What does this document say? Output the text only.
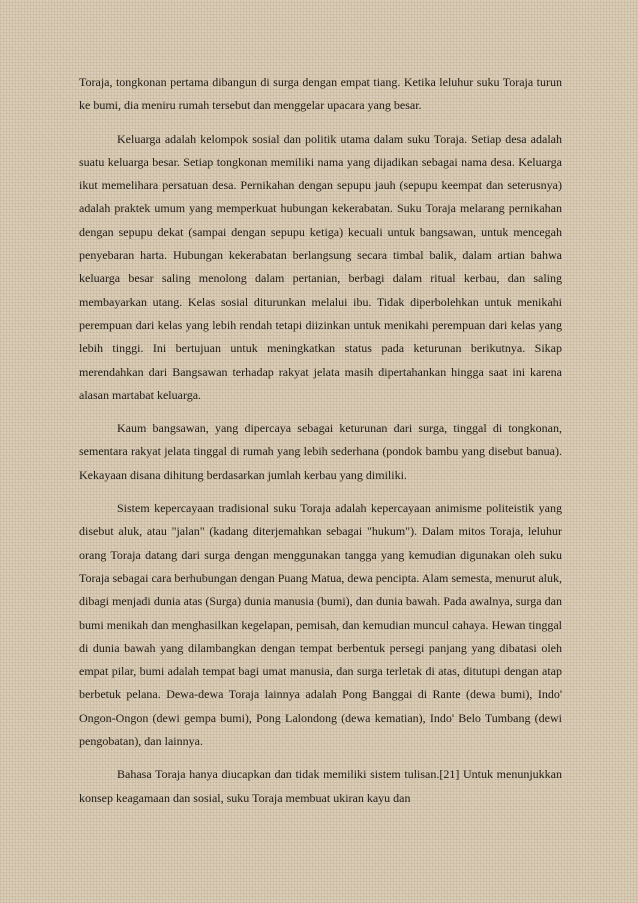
Toraja, tongkonan pertama dibangun di surga dengan empat tiang. Ketika leluhur suku Toraja turun ke bumi, dia meniru rumah tersebut dan menggelar upacara yang besar.

Keluarga adalah kelompok sosial dan politik utama dalam suku Toraja. Setiap desa adalah suatu keluarga besar. Setiap tongkonan memiliki nama yang dijadikan sebagai nama desa. Keluarga ikut memelihara persatuan desa. Pernikahan dengan sepupu jauh (sepupu keempat dan seterusnya) adalah praktek umum yang memperkuat hubungan kekerabatan. Suku Toraja melarang pernikahan dengan sepupu dekat (sampai dengan sepupu ketiga) kecuali untuk bangsawan, untuk mencegah penyebaran harta. Hubungan kekerabatan berlangsung secara timbal balik, dalam artian bahwa keluarga besar saling menolong dalam pertanian, berbagi dalam ritual kerbau, dan saling membayarkan utang. Kelas sosial diturunkan melalui ibu. Tidak diperbolehkan untuk menikahi perempuan dari kelas yang lebih rendah tetapi diizinkan untuk menikahi perempuan dari kelas yang lebih tinggi. Ini bertujuan untuk meningkatkan status pada keturunan berikutnya. Sikap merendahkan dari Bangsawan terhadap rakyat jelata masih dipertahankan hingga saat ini karena alasan martabat keluarga.

Kaum bangsawan, yang dipercaya sebagai keturunan dari surga, tinggal di tongkonan, sementara rakyat jelata tinggal di rumah yang lebih sederhana (pondok bambu yang disebut banua). Kekayaan disana dihitung berdasarkan jumlah kerbau yang dimiliki.

Sistem kepercayaan tradisional suku Toraja adalah kepercayaan animisme politeistik yang disebut aluk, atau "jalan" (kadang diterjemahkan sebagai "hukum"). Dalam mitos Toraja, leluhur orang Toraja datang dari surga dengan menggunakan tangga yang kemudian digunakan oleh suku Toraja sebagai cara berhubungan dengan Puang Matua, dewa pencipta. Alam semesta, menurut aluk, dibagi menjadi dunia atas (Surga) dunia manusia (bumi), dan dunia bawah. Pada awalnya, surga dan bumi menikah dan menghasilkan kegelapan, pemisah, dan kemudian muncul cahaya. Hewan tinggal di dunia bawah yang dilambangkan dengan tempat berbentuk persegi panjang yang dibatasi oleh empat pilar, bumi adalah tempat bagi umat manusia, dan surga terletak di atas, ditutupi dengan atap berbetuk pelana. Dewa-dewa Toraja lainnya adalah Pong Banggai di Rante (dewa bumi), Indo' Ongon-Ongon (dewi gempa bumi), Pong Lalondong (dewa kematian), Indo' Belo Tumbang (dewi pengobatan), dan lainnya.

Bahasa Toraja hanya diucapkan dan tidak memiliki sistem tulisan.[21] Untuk menunjukkan konsep keagamaan dan sosial, suku Toraja membuat ukiran kayu dan
